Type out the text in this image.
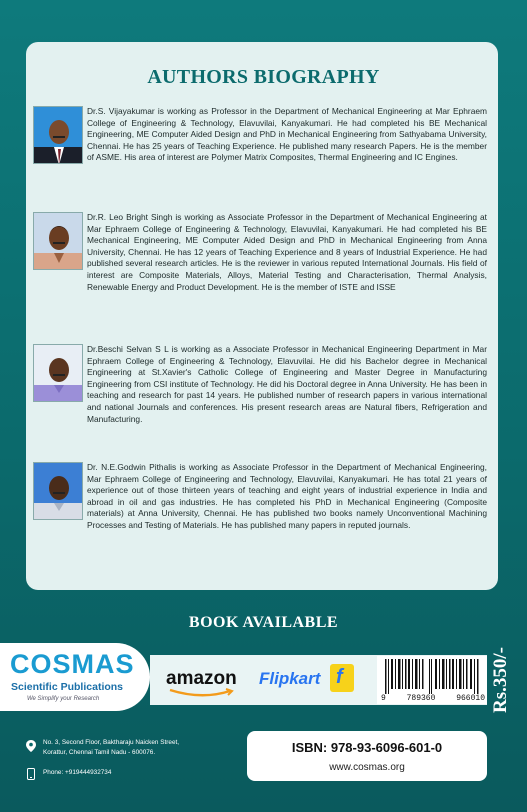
AUTHORS BIOGRAPHY
Dr.S. Vijayakumar is working as Professor in the Department of Mechanical Engineering at Mar Ephraem College of Engineering & Technology, Elavuvilai, Kanyakumari. He had completed his BE Mechanical Engineering, ME Computer Aided Design and PhD in Mechanical Engineering from Sathyabama University, Chennai. He has 25 years of Teaching Experience. He published many research Papers. He is the member of ASME. His area of interest are Polymer Matrix Composites, Thermal Engineering and IC Engines.
Dr.R. Leo Bright Singh is working as Associate Professor in the Department of Mechanical Engineering at Mar Ephraem College of Engineering & Technology, Elavuvilai, Kanyakumari. He had completed his BE Mechanical Engineering, ME Computer Aided Design and PhD in Mechanical Engineering from Anna University, Chennai. He has 12 years of Teaching Experience and 8 years of Industrial Experience. He had published several research articles. He is the reviewer in various reputed International Journals. His field of interest are Composite Materials, Alloys, Material Testing and Characterisation, Thermal Analysis, Renewable Energy and Product Development. He is the member of ISTE and ISSE
Dr.Beschi Selvan S L is working as a Associate Professor in Mechanical Engineering Department in Mar Ephraem College of Engineering & Technology, Elavuvilai. He did his Bachelor degree in Mechanical Engineering at St.Xavier's Catholic College of Engineering and Master Degree in Manufacturing Engineering from CSI institute of Technology. He did his Doctoral degree in Anna University. He has been in teaching and research for past 14 years. He published number of research papers in various international and national Journals and conferences. His present research areas are Natural fibers, Refrigeration and Manufacturing.
Dr. N.E.Godwin Pithalis is working as Associate Professor in the Department of Mechanical Engineering, Mar Ephraem College of Engineering and Technology, Elavuvilai, Kanyakumari. He has total 21 years of experience out of those thirteen years of teaching and eight years of industrial experience in India and abroad in oil and gas industries. He has completed his PhD in Mechanical Engineering (Composite materials) at Anna University, Chennai. He has published two books namely Unconventional Machining Processes and Testing of Materials. He has published many papers in reputed journals.
BOOK AVAILABLE
COSMAS
Scientific Publications
We Simplify your Research
amazon Flipkart f
9	789360	966010 Rs.350/-
No. 3, Second Floor, Baktharaju Naicken Street,
Korattur, Chennai Tamil Nadu - 600076.
Phone: +919444932734
ISBN: 978-93-6096-601-0
www.cosmas.org
